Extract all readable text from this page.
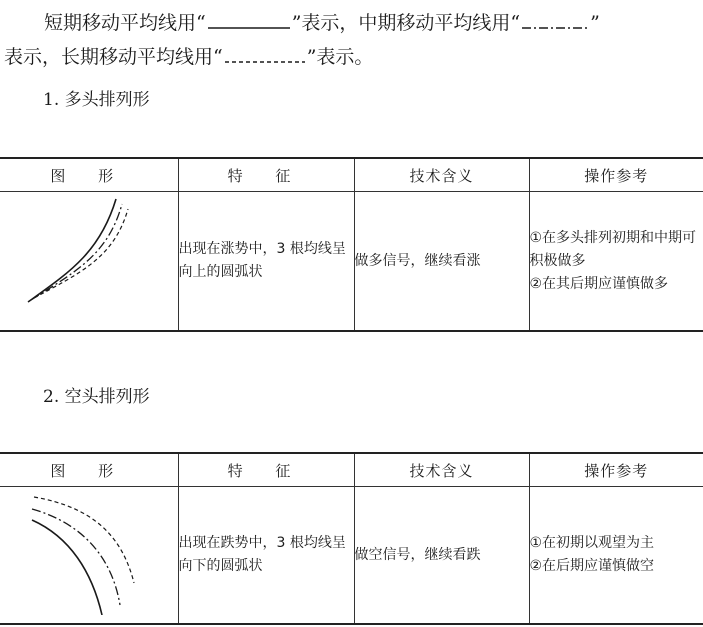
短期移动平均线用“	”表示，中期移动平均线用“	”
表示，长期移动平均线用“	”表示。
1. 多头排列形
图 形	特 征	技术含义	操作参考
	出现在涨势中，3 根均线呈向上的圆弧状	做多信号，继续看涨	①在多头排列初期和中期可积极做多
②在其后期应谨慎做多
2. 空头排列形
图 形	特 征	技术含义	操作参考
	出现在跌势中，3 根均线呈向下的圆弧状	做空信号，继续看跌	①在初期以观望为主
②在后期应谨慎做空
